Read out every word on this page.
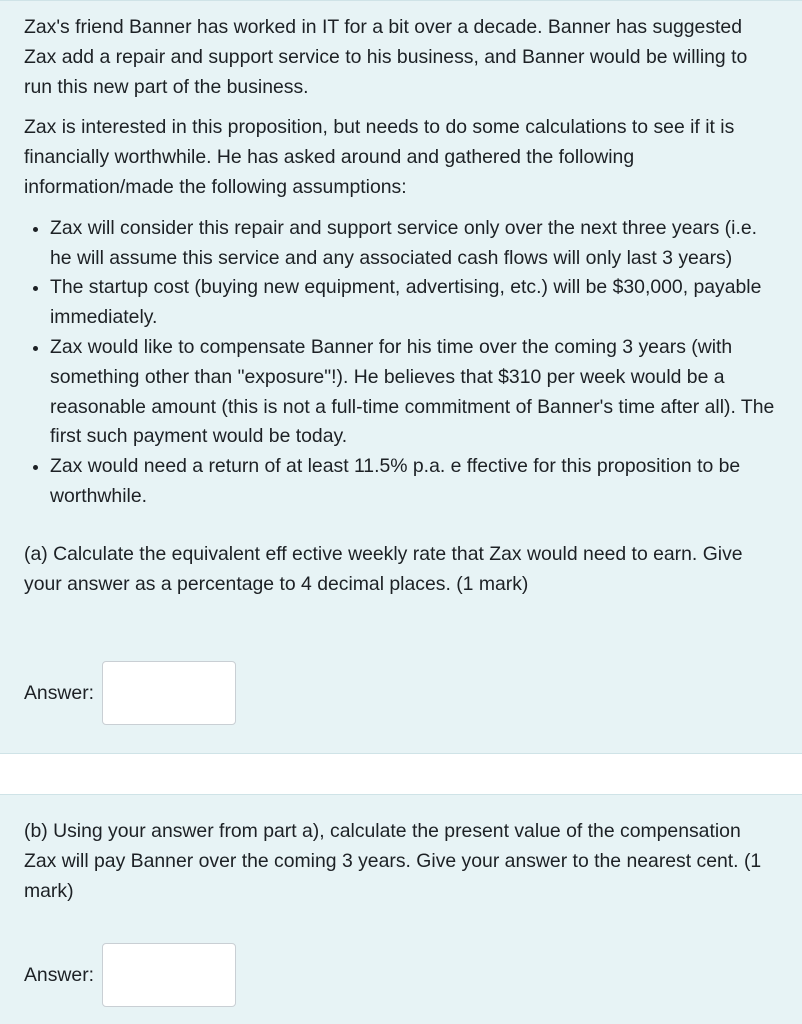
Zax's friend Banner has worked in IT for a bit over a decade. Banner has suggested Zax add a repair and support service to his business, and Banner would be willing to run this new part of the business.

Zax is interested in this proposition, but needs to do some calculations to see if it is financially worthwhile. He has asked around and gathered the following information/made the following assumptions:

• Zax will consider this repair and support service only over the next three years (i.e. he will assume this service and any associated cash flows will only last 3 years)
• The startup cost (buying new equipment, advertising, etc.) will be $30,000, payable immediately.
• Zax would like to compensate Banner for his time over the coming 3 years (with something other than "exposure"!). He believes that $310 per week would be a reasonable amount (this is not a full-time commitment of Banner's time after all). The first such payment would be today.
• Zax would need a return of at least 11.5% p.a. e ffective for this proposition to be worthwhile.

(a) Calculate the equivalent eff ective weekly rate that Zax would need to earn. Give your answer as a percentage to 4 decimal places. (1 mark)

Answer:

(b) Using your answer from part a), calculate the present value of the compensation Zax will pay Banner over the coming 3 years. Give your answer to the nearest cent. (1 mark)

Answer:
